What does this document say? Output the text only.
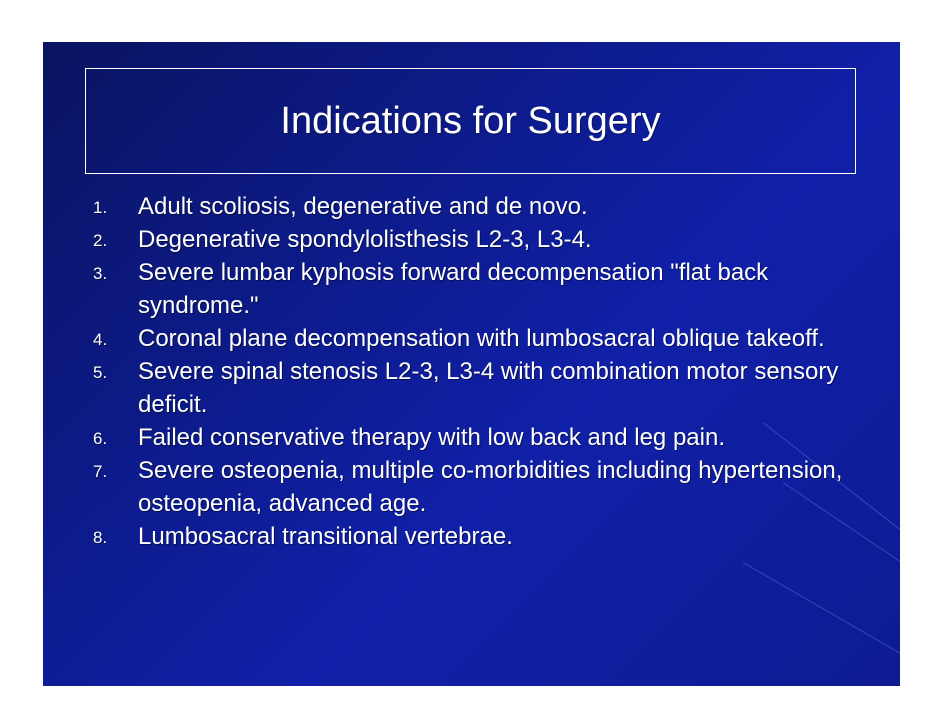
Indications for Surgery
1. Adult scoliosis, degenerative and de novo.
2. Degenerative spondylolisthesis L2-3, L3-4.
3. Severe lumbar kyphosis forward decompensation "flat back syndrome."
4. Coronal plane decompensation with lumbosacral oblique takeoff.
5. Severe spinal stenosis L2-3, L3-4 with combination motor sensory deficit.
6. Failed conservative therapy with low back and leg pain.
7. Severe osteopenia, multiple co-morbidities including hypertension, osteopenia, advanced age.
8. Lumbosacral transitional vertebrae.
